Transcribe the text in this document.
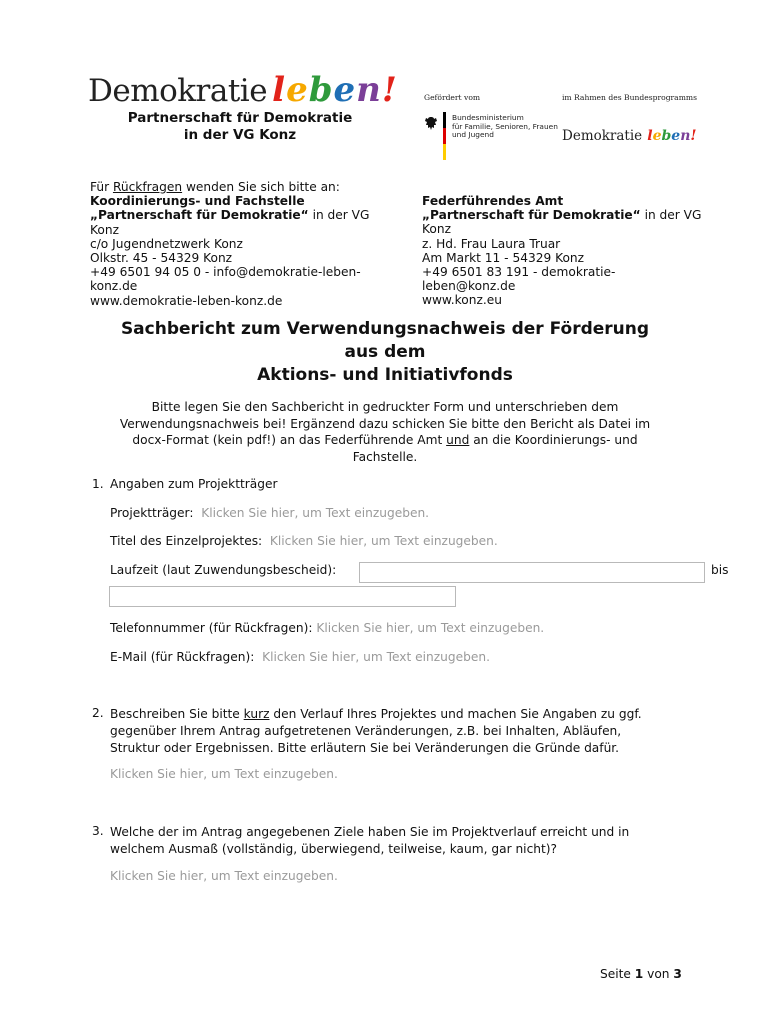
Demokratie leben!
Partnerschaft für Demokratie
in der VG Konz
Gefördert vom	im Rahmen des Bundesprogramms
Bundesministerium
für Familie, Senioren, Frauen
und Jugend	Demokratie leben!
Für Rückfragen wenden Sie sich bitte an:
Koordinierungs- und Fachstelle
„Partnerschaft für Demokratie“ in der VG
Konz
c/o Jugendnetzwerk Konz
Olkstr. 45 - 54329 Konz
+49 6501 94 05 0 - info@demokratie-leben-
konz.de
www.demokratie-leben-konz.de
Federführendes Amt
„Partnerschaft für Demokratie“ in der VG
Konz
z. Hd. Frau Laura Truar
Am Markt 11 - 54329 Konz
+49 6501 83 191 - demokratie-
leben@konz.de
www.konz.eu
Sachbericht zum Verwendungsnachweis der Förderung
aus dem
Aktions- und Initiativfonds
Bitte legen Sie den Sachbericht in gedruckter Form und unterschrieben dem
Verwendungsnachweis bei! Ergänzend dazu schicken Sie bitte den Bericht als Datei im
docx-Format (kein pdf!) an das Federführende Amt und an die Koordinierungs- und
Fachstelle.
1. Angaben zum Projektträger
Projektträger: Klicken Sie hier, um Text einzugeben.
Titel des Einzelprojektes: Klicken Sie hier, um Text einzugeben.
Laufzeit (laut Zuwendungsbescheid):	bis
Telefonnummer (für Rückfragen): Klicken Sie hier, um Text einzugeben.
E-Mail (für Rückfragen): Klicken Sie hier, um Text einzugeben.
2. Beschreiben Sie bitte kurz den Verlauf Ihres Projektes und machen Sie Angaben zu ggf.
gegenüber Ihrem Antrag aufgetretenen Veränderungen, z.B. bei Inhalten, Abläufen,
Struktur oder Ergebnissen. Bitte erläutern Sie bei Veränderungen die Gründe dafür.
Klicken Sie hier, um Text einzugeben.
3. Welche der im Antrag angegebenen Ziele haben Sie im Projektverlauf erreicht und in
welchem Ausmaß (vollständig, überwiegend, teilweise, kaum, gar nicht)?
Klicken Sie hier, um Text einzugeben.
Seite 1 von 3
